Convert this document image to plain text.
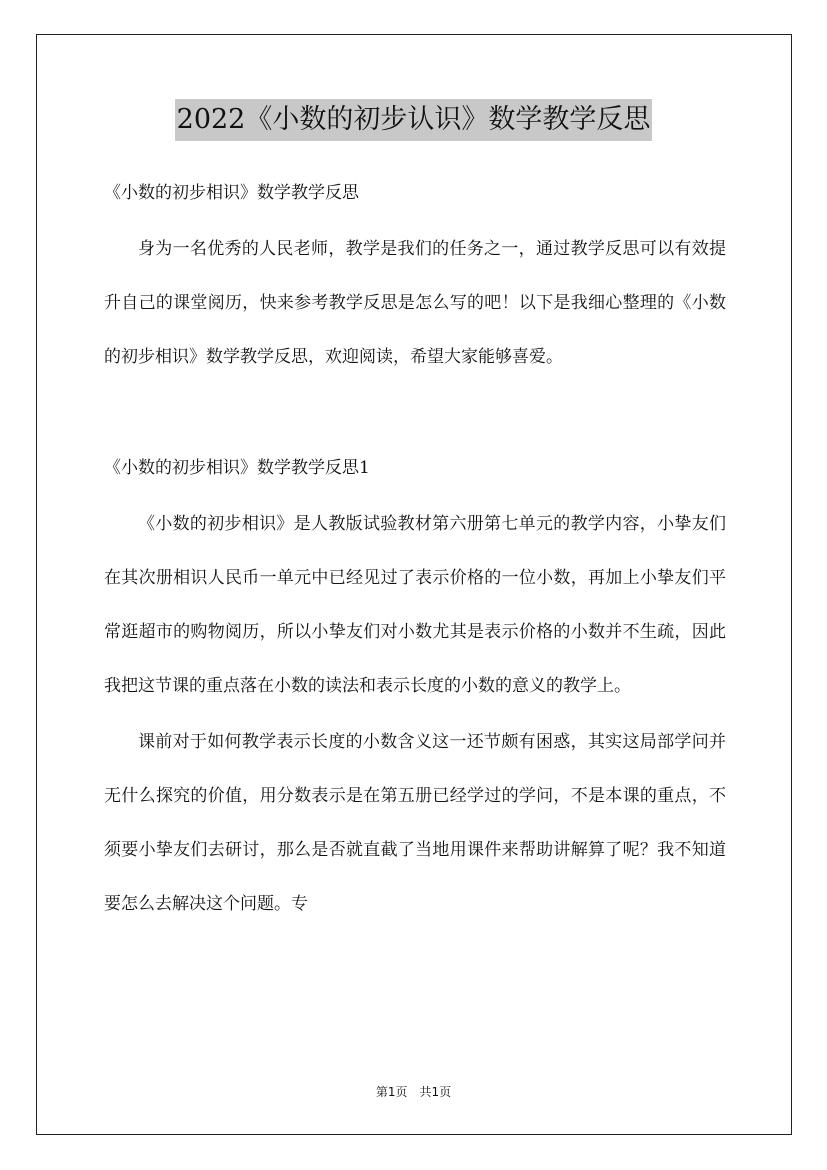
2022《小数的初步认识》数学教学反思

《小数的初步相识》数学教学反思

身为一名优秀的人民老师，教学是我们的任务之一，通过教学反思可以有效提升自己的课堂阅历，快来参考教学反思是怎么写的吧！以下是我细心整理的《小数的初步相识》数学教学反思，欢迎阅读，希望大家能够喜爱。

《小数的初步相识》数学教学反思1

《小数的初步相识》是人教版试验教材第六册第七单元的教学内容，小挚友们在其次册相识人民币一单元中已经见过了表示价格的一位小数，再加上小挚友们平常逛超市的购物阅历，所以小挚友们对小数尤其是表示价格的小数并不生疏，因此我把这节课的重点落在小数的读法和表示长度的小数的意义的教学上。

课前对于如何教学表示长度的小数含义这一还节颇有困惑，其实这局部学问并无什么探究的价值，用分数表示是在第五册已经学过的学问，不是本课的重点，不须要小挚友们去研讨，那么是否就直截了当地用课件来帮助讲解算了呢？我不知道要怎么去解决这个问题。专

第1页 共1页
